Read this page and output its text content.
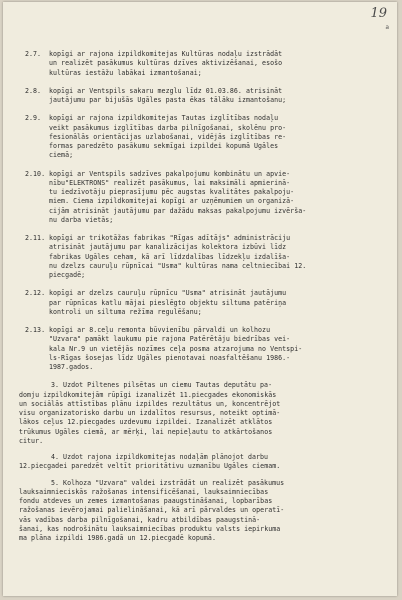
19
a
2.7.	kopīgi ar rajona izpildkomitejas Kultūras nodaļu izstrādāt
un realizēt pasākumus kultūras dzīves aktivizēšanai, esošo
kultūras iestāžu labākai izmantošanai;
2.8.	kopīgi ar Ventspils sakaru mezglu līdz 01.03.86. atrisināt
jautājumu par bijušās Ugāles pasta ēkas tālāku izmantošanu;
2.9.	kopīgi ar rajona izpildkomitejas Tautas izglītības nodaļu
veikt pasākumus izglītības darba pilnīgošanai, skolēnu pro-
fesionālās orientācijas uzlabošanai, vidējās izglītības re-
formas paredzēto pasākumu sekmīgai izpildei kopumā Ugāles
ciemā;
2.10. kopīgi ar Ventspils sadzīves pakalpojumu kombinātu un apvie-
nību"ELEKTRONS" realizēt pasākumus, lai maksimāli apmierinā-
tu iedzīvotāju pieprasījumu pēc augstas kvalitātes pakalpoju-
miem. Ciema izpildkomitejai kopīgi ar uzņēmumiem un organizā-
cijām atrisināt jautājumu par dažādu maksas pakalpojumu izvērša-
nu darba vietās;
2.11. kopīgi ar trikotāžas fabrikas "Rīgas adītājs" administrāciju
atrisināt jautājumu par kanalizācijas kolektora izbūvi līdz
fabrikas Ugāles ceham, kā arī līdzdalības līdzekļu izdalīša-
nu dzelzs cauruļu rūpnīcai "Usma" kultūras nama celtniecībai 12.
piecgadē;
2.12. kopīgi ar dzelzs cauruļu rūpnīcu "Usma" atrisināt jautājumu
par rūpnīcas katlu mājai pieslēgto objektu siltuma patēriņa
kontroli un siltuma režīma regulēšanu;
2.13. kopīgi ar 8.ceļu remonta būvvienību pārvaldi un kolhozu
"Uzvara" pamākt laukumu pie rajona Patērētāju biedrības vei-
kala Nr.9 un vietējās nozīmes ceļa posma atzarojuma no Ventspi-
ls-Rīgas šosejas līdz Ugāles pienotavai noasfaltēšanu 1986.-
1987.gados.
3. Uzdot Piltenes pilsētas un ciemu Tautas deputātu pa-
domju izpildkomitejām rūpīgi izanalizēt 11.piecgades ekonomiskās
un sociālās attīstības plānu izpildes rezultātus un, koncentrējot
visu organizatorisko darbu un izdalītos resursus, noteikt optimā-
lākos ceļus 12.piecgades uzdevumu izpildei. Izanalizēt atklātos
trūkumus Ugāles ciemā, ar mērķi, lai nepieļautu to atkārtošanos
citur.
4. Uzdot rajona izpildkomitejas nodaļām plānojot darbu
12.piecgadei paredzēt veltīt prioritātivu uzmanību Ugāles ciemam.
5. Kolhoza "Uzvara" valdei izstrādāt un realizēt pasākumus
lauksaimnieciskās ražošanas intensificēšanai, lauksaimniecības
fondu atdeves un zemes izmantošanas paaugstināšanai, lopbarības
ražošanas ievērojamai palielināšanai, kā arī pārvaldes un operatī-
vās vadības darba pilnīgošanai, kadru atbildības paaugstinā-
šanai, kas nodrošinātu lauksaimniecības produktu valsts iepirkuma
ma plāna izpildi 1986.gadā un 12.piecgadē kopumā.
